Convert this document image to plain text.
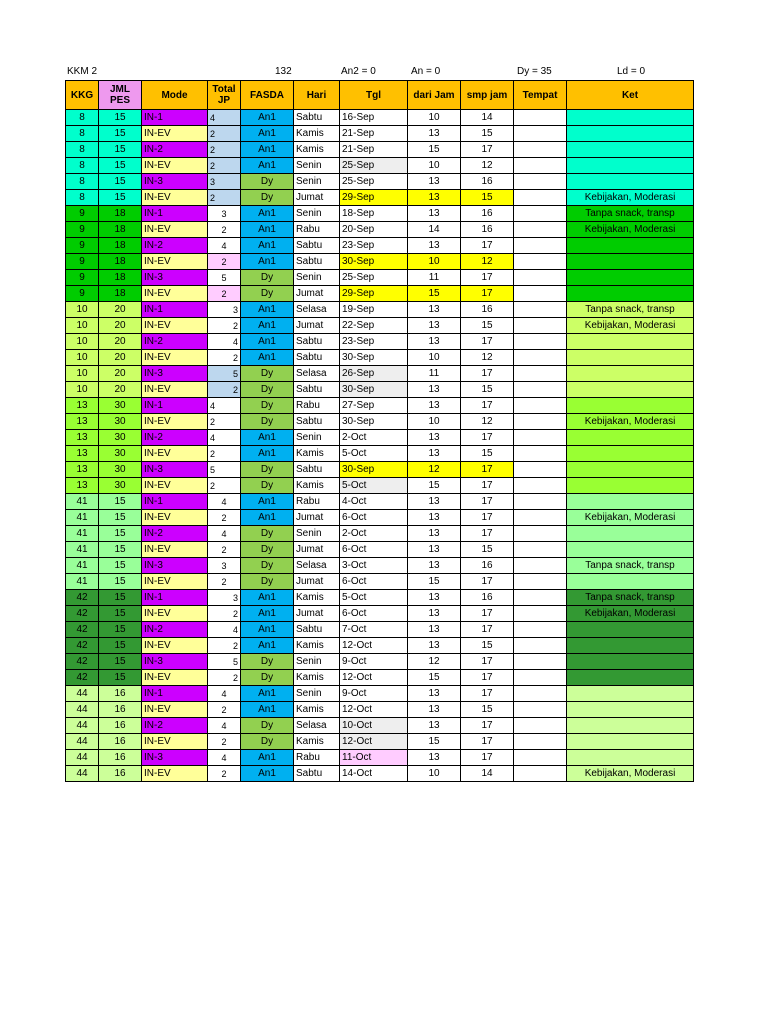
KKM 2	132	An2 = 0	An = 0	Dy = 35	Ld = 0
KKG	JML PES	Mode	Total JP	FASDA	Hari	Tgl	dari Jam	smp jam	Tempat	Ket
8	15	IN-1	4	An1	Sabtu	16-Sep	10	14		
8	15	IN-EV	2	An1	Kamis	21-Sep	13	15		
8	15	IN-2	2	An1	Kamis	21-Sep	15	17		
8	15	IN-EV	2	An1	Senin	25-Sep	10	12		
8	15	IN-3	3	Dy	Senin	25-Sep	13	16		
8	15	IN-EV	2	Dy	Jumat	29-Sep	13	15		Kebijakan, Moderasi
9	18	IN-1	3	An1	Senin	18-Sep	13	16		Tanpa snack, transp
9	18	IN-EV	2	An1	Rabu	20-Sep	14	16		Kebijakan, Moderasi
9	18	IN-2	4	An1	Sabtu	23-Sep	13	17		
9	18	IN-EV	2	An1	Sabtu	30-Sep	10	12		
9	18	IN-3	5	Dy	Senin	25-Sep	11	17		
9	18	IN-EV	2	Dy	Jumat	29-Sep	15	17		
10	20	IN-1	3	An1	Selasa	19-Sep	13	16		Tanpa snack, transp
10	20	IN-EV	2	An1	Jumat	22-Sep	13	15		Kebijakan, Moderasi
10	20	IN-2	4	An1	Sabtu	23-Sep	13	17		
10	20	IN-EV	2	An1	Sabtu	30-Sep	10	12		
10	20	IN-3	5	Dy	Selasa	26-Sep	11	17		
10	20	IN-EV	2	Dy	Sabtu	30-Sep	13	15		
13	30	IN-1	4	Dy	Rabu	27-Sep	13	17		
13	30	IN-EV	2	Dy	Sabtu	30-Sep	10	12		Kebijakan, Moderasi
13	30	IN-2	4	An1	Senin	2-Oct	13	17		
13	30	IN-EV	2	An1	Kamis	5-Oct	13	15		
13	30	IN-3	5	Dy	Sabtu	30-Sep	12	17		
13	30	IN-EV	2	Dy	Kamis	5-Oct	15	17		
41	15	IN-1	4	An1	Rabu	4-Oct	13	17		
41	15	IN-EV	2	An1	Jumat	6-Oct	13	17		Kebijakan, Moderasi
41	15	IN-2	4	Dy	Senin	2-Oct	13	17		
41	15	IN-EV	2	Dy	Jumat	6-Oct	13	15		
41	15	IN-3	3	Dy	Selasa	3-Oct	13	16		Tanpa snack, transp
41	15	IN-EV	2	Dy	Jumat	6-Oct	15	17		
42	15	IN-1	3	An1	Kamis	5-Oct	13	16		Tanpa snack, transp
42	15	IN-EV	2	An1	Jumat	6-Oct	13	17		Kebijakan, Moderasi
42	15	IN-2	4	An1	Sabtu	7-Oct	13	17		
42	15	IN-EV	2	An1	Kamis	12-Oct	13	15		
42	15	IN-3	5	Dy	Senin	9-Oct	12	17		
42	15	IN-EV	2	Dy	Kamis	12-Oct	15	17		
44	16	IN-1	4	An1	Senin	9-Oct	13	17		
44	16	IN-EV	2	An1	Kamis	12-Oct	13	15		
44	16	IN-2	4	Dy	Selasa	10-Oct	13	17		
44	16	IN-EV	2	Dy	Kamis	12-Oct	15	17		
44	16	IN-3	4	An1	Rabu	11-Oct	13	17		
44	16	IN-EV	2	An1	Sabtu	14-Oct	10	14		Kebijakan, Moderasi
